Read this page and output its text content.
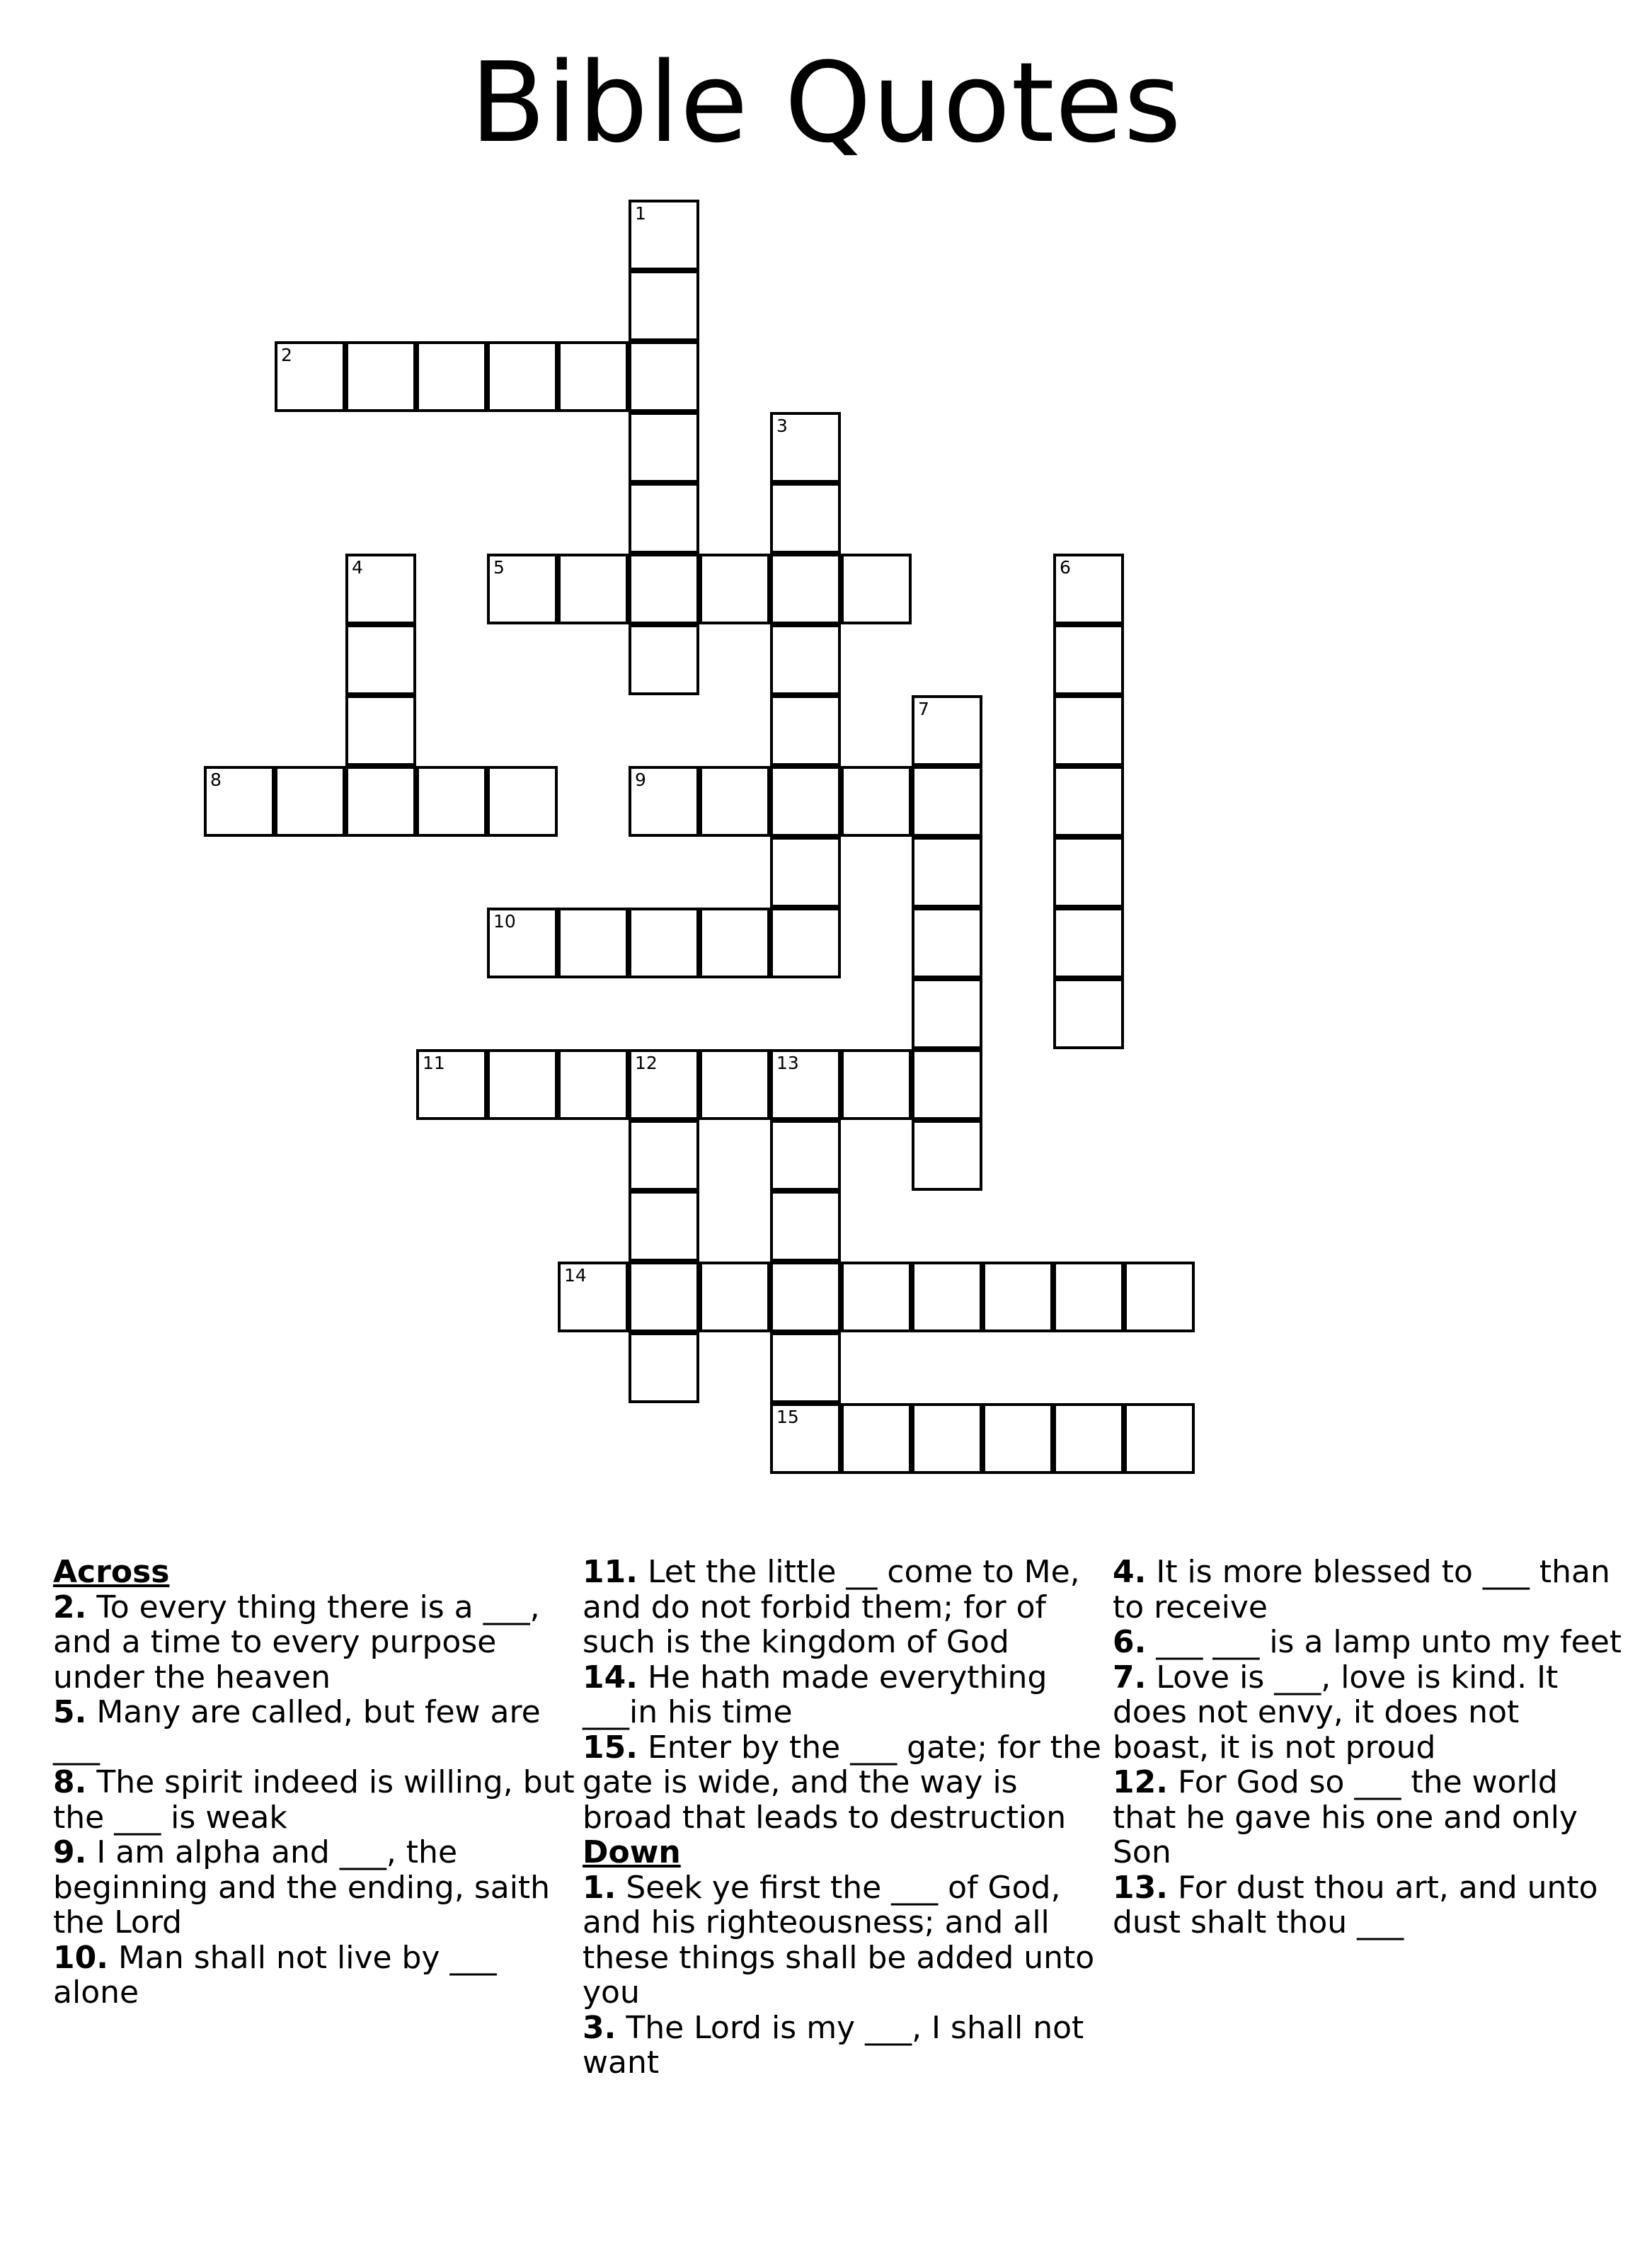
Bible Quotes
1
2
3
4	5	6
7
8	9
10
11	12	13
14
15
Across
2. To every thing there is a ___, and a time to every purpose under the heaven
5. Many are called, but few are ___
8. The spirit indeed is willing, but the ___ is weak
9. I am alpha and ___, the beginning and the ending, saith the Lord
10. Man shall not live by ___ alone
11. Let the little __ come to Me, and do not forbid them; for of such is the kingdom of God
14. He hath made everything ___in his time
15. Enter by the ___ gate; for the gate is wide, and the way is broad that leads to destruction
Down
1. Seek ye first the ___ of God, and his righteousness; and all these things shall be added unto you
3. The Lord is my ___, I shall not want
4. It is more blessed to ___ than to receive
6. ___ ___ is a lamp unto my feet
7. Love is ___, love is kind. It does not envy, it does not boast, it is not proud
12. For God so ___ the world that he gave his one and only Son
13. For dust thou art, and unto dust shalt thou ___
